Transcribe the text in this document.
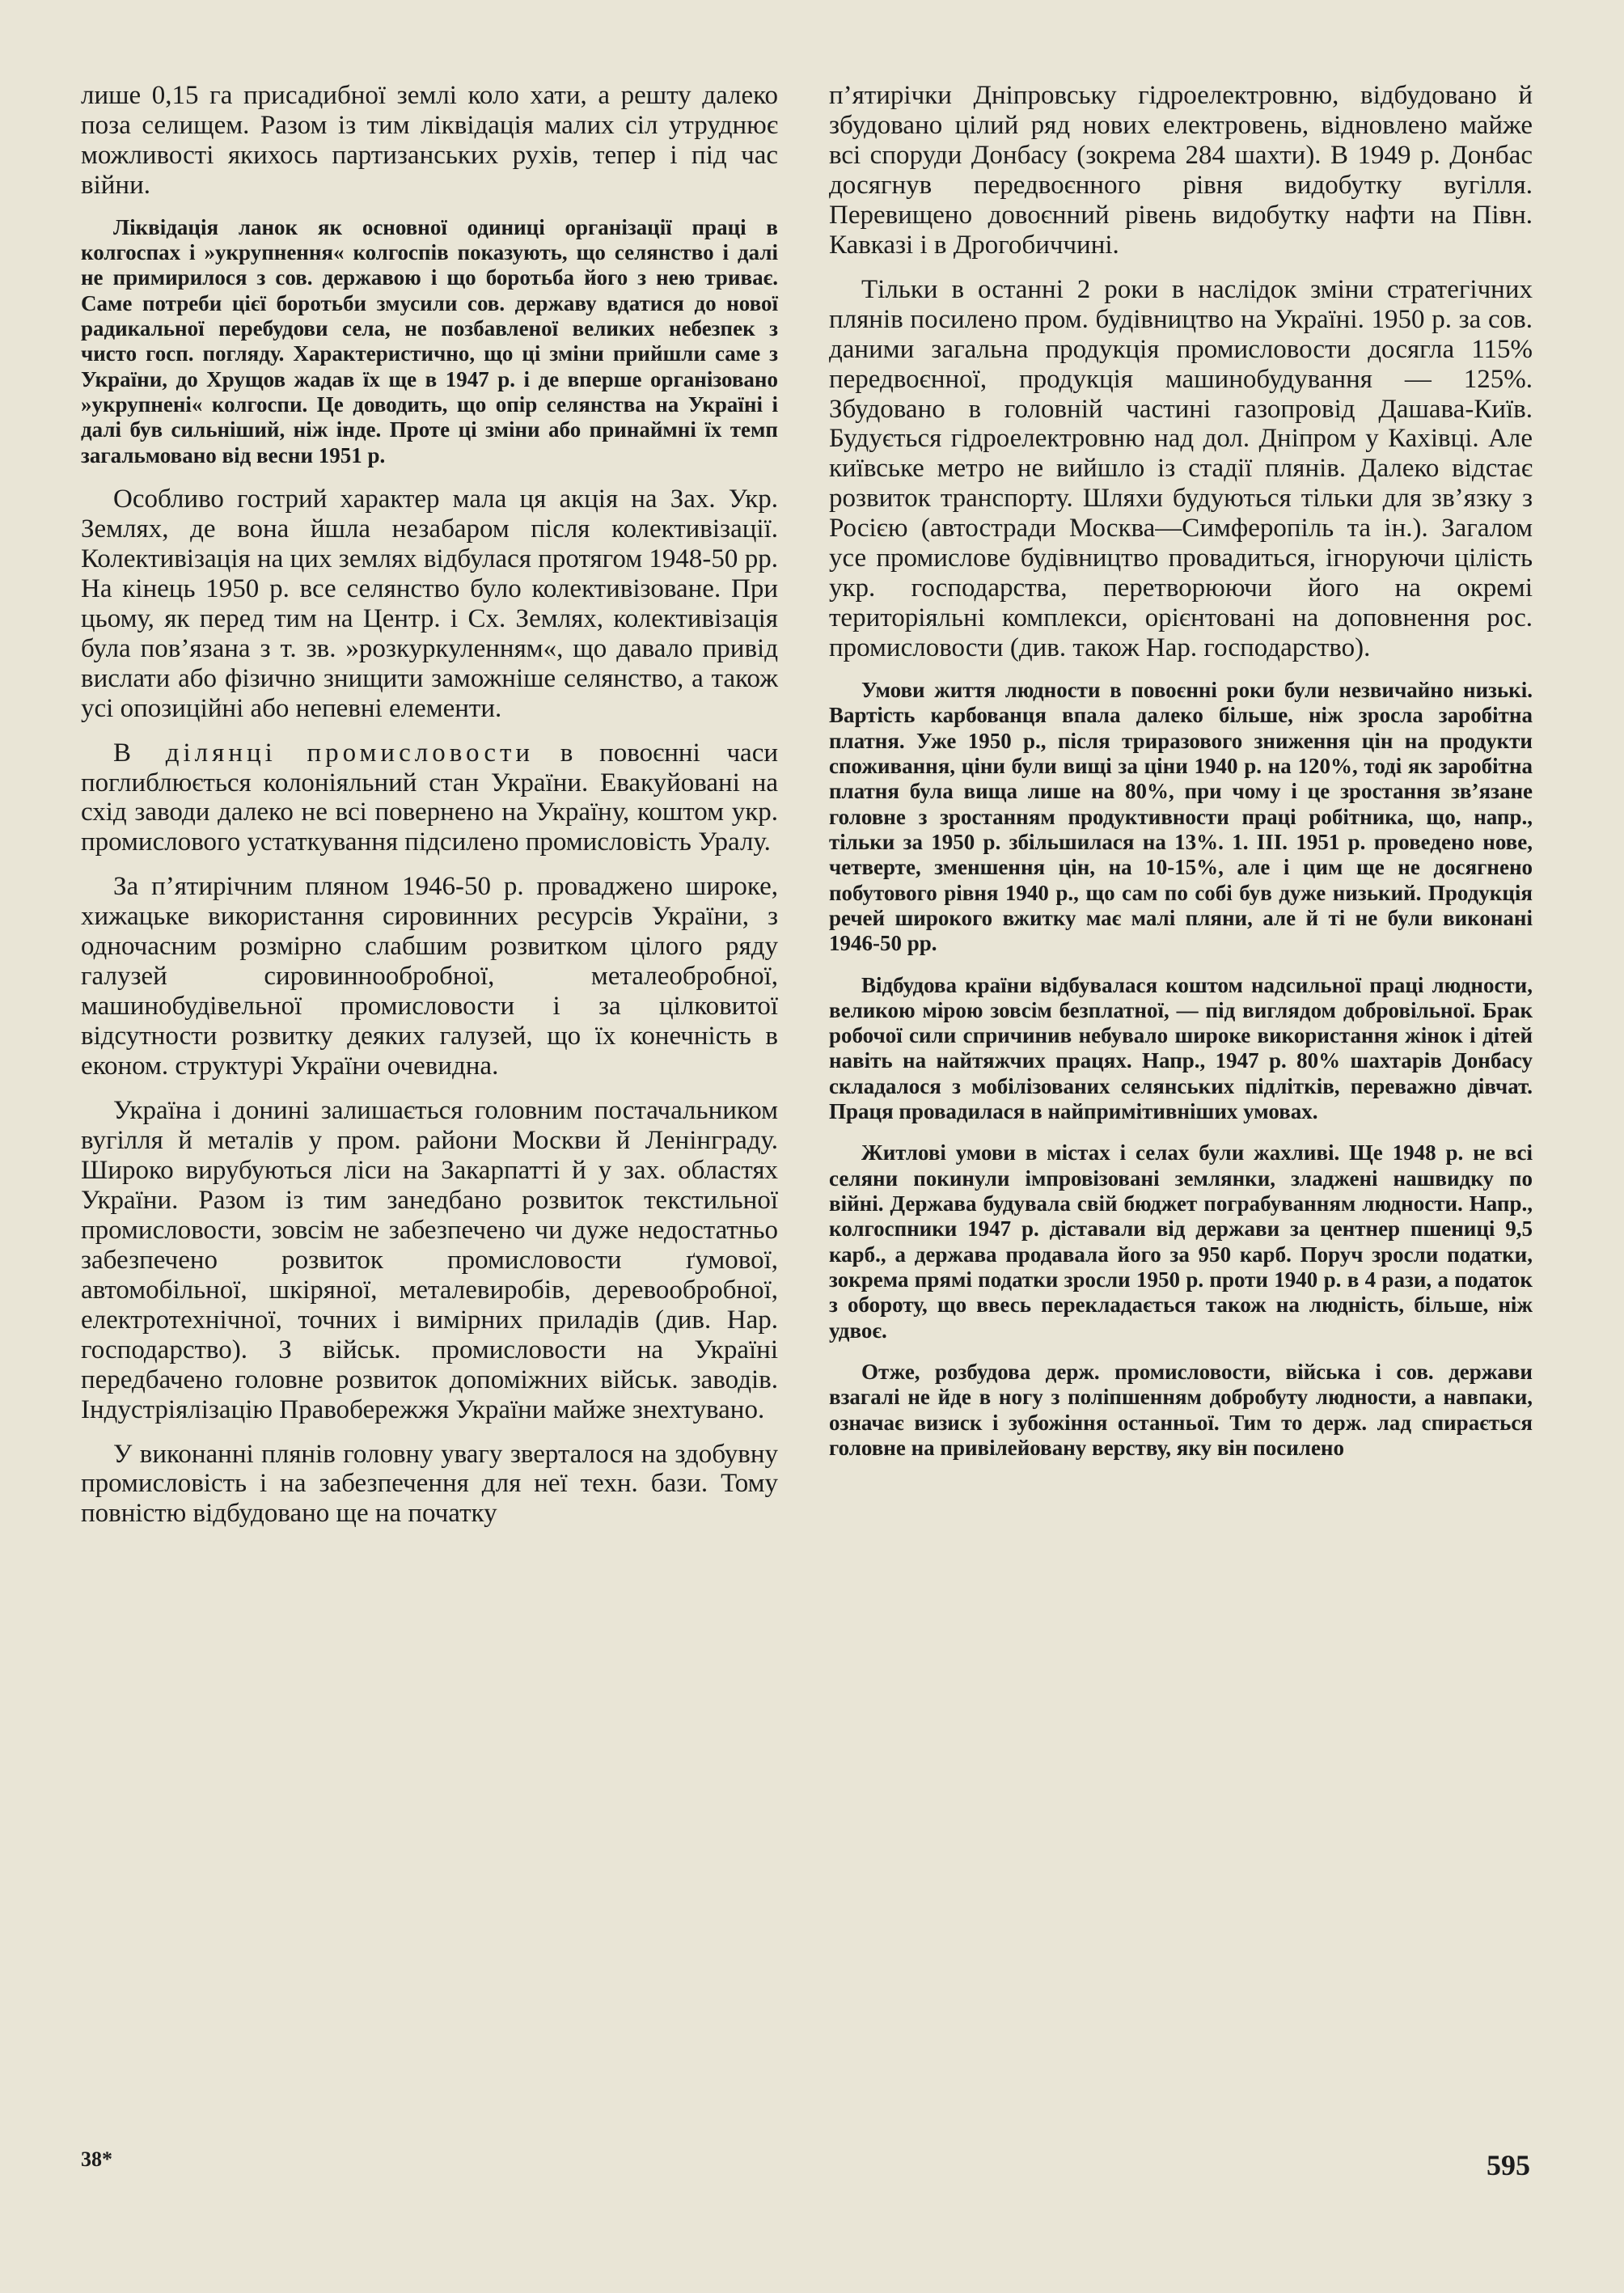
лише 0,15 га присадибної землі коло хати, а решту далеко поза селищем. Разом із тим ліквідація малих сіл утруднює можливості якихось партизанських рухів, тепер і під час війни.

Ліквідація ланок як основної одиниці організації праці в колгоспах і »укрупнення« колгоспів показують, що селянство і далі не примирилося з сов. державою і що боротьба його з нею триває. Саме потреби цієї боротьби змусили сов. державу вдатися до нової радикальної перебудови села, не позбавленої великих небезпек з чисто госп. погляду. Характеристично, що ці зміни прийшли саме з України, до Хрущов жадав їх ще в 1947 р. і де вперше організовано »укрупнені« колгоспи. Це доводить, що опір селянства на Україні і далі був сильніший, ніж інде. Проте ці зміни або принаймні їх темп загальмовано від весни 1951 р.

Особливо гострий характер мала ця акція на Зах. Укр. Землях, де вона йшла незабаром після колективізації. Колективізація на цих землях відбулася протягом 1948-50 рр. На кінець 1950 р. все селянство було колективізоване. При цьому, як перед тим на Центр. і Сх. Землях, колективізація була пов’язана з т. зв. »розкуркуленням«, що давало привід вислати або фізично знищити заможніше селянство, а також усі опозиційні або непевні елементи.

В ділянці промисловости в повоєнні часи поглиблюється колоніяльний стан України. Евакуйовані на схід заводи далеко не всі повернено на Україну, коштом укр. промислового устаткування підсилено промисловість Уралу.

За п’ятирічним пляном 1946-50 р. проваджено широке, хижацьке використання сировинних ресурсів України, з одночасним розмірно слабшим розвитком цілого ряду галузей сировиннообробної, металеобробної, машинобудівельної промисловости і за цілковитої відсутности розвитку деяких галузей, що їх конечність в економ. структурі України очевидна.

Україна і донині залишається головним постачальником вугілля й металів у пром. райони Москви й Ленінграду. Широко вирубуються ліси на Закарпатті й у зах. областях України. Разом із тим занедбано розвиток текстильної промисловости, зовсім не забезпечено чи дуже недостатньо забезпечено розвиток промисловости ґумової, автомобільної, шкіряної, металевиробів, деревообробної, електротехнічної, точних і вимірних приладів (див. Нар. господарство). З військ. промисловости на Україні передбачено головне розвиток допоміжних військ. заводів. Індустріялізацію Правобережжя України майже знехтувано.

У виконанні плянів головну увагу зверталося на здобувну промисловість і на забезпечення для неї техн. бази. Тому повністю відбудовано ще на початку

п’ятирічки Дніпровську гідроелектровню, відбудовано й збудовано цілий ряд нових електровень, відновлено майже всі споруди Донбасу (зокрема 284 шахти). В 1949 р. Донбас досягнув передвоєнного рівня видобутку вугілля. Перевищено довоєнний рівень видобутку нафти на Півн. Кавказі і в Дрогобиччині.

Тільки в останні 2 роки в наслідок зміни стратегічних плянів посилено пром. будівництво на Україні. 1950 р. за сов. даними загальна продукція промисловости досягла 115% передвоєнної, продукція машинобудування — 125%. Збудовано в головній частині газопровід Дашава-Київ. Будується гідроелектровню над дол. Дніпром у Кахівці. Але київське метро не вийшло із стадії плянів. Далеко відстає розвиток транспорту. Шляхи будуються тільки для зв’язку з Росією (автостради Москва—Симферопіль та ін.). Загалом усе промислове будівництво провадиться, ігноруючи цілість укр. господарства, перетворюючи його на окремі територіяльні комплекси, орієнтовані на доповнення рос. промисловости (див. також Нар. господарство).

Умови життя людности в повоєнні роки були незвичайно низькі. Вартість карбованця впала далеко більше, ніж зросла заробітна платня. Уже 1950 р., після триразового зниження цін на продукти споживання, ціни були вищі за ціни 1940 р. на 120%, тоді як заробітна платня була вища лише на 80%, при чому і це зростання зв’язане головне з зростанням продуктивности праці робітника, що, напр., тільки за 1950 р. збільшилася на 13%. 1. III. 1951 р. проведено нове, четверте, зменшення цін, на 10-15%, але і цим ще не досягнено побутового рівня 1940 р., що сам по собі був дуже низький. Продукція речей широкого вжитку має малі пляни, але й ті не були виконані 1946-50 рр.

Відбудова країни відбувалася коштом надсильної праці людности, великою мірою зовсім безплатної, — під виглядом добровільної. Брак робочої сили спричинив небувало широке використання жінок і дітей навіть на найтяжчих працях. Напр., 1947 р. 80% шахтарів Донбасу складалося з мобілізованих селянських підлітків, переважно дівчат. Праця провадилася в найпримітивніших умовах.

Житлові умови в містах і селах були жахливі. Ще 1948 р. не всі селяни покинули імпровізовані землянки, зладжені нашвидку по війні. Держава будувала свій бюджет пограбуванням людности. Напр., колгоспники 1947 р. діставали від держави за центнер пшениці 9,5 карб., а держава продавала його за 950 карб. Поруч зросли податки, зокрема прямі податки зросли 1950 р. проти 1940 р. в 4 рази, а податок з обороту, що ввесь перекладається також на людність, більше, ніж удвоє.

Отже, розбудова держ. промисловости, війська і сов. держави взагалі не йде в ногу з поліпшенням добробуту людности, а навпаки, означає визиск і зубожіння останньої. Тим то держ. лад спирається головне на привілейовану верству, яку він посилено

38*	595
